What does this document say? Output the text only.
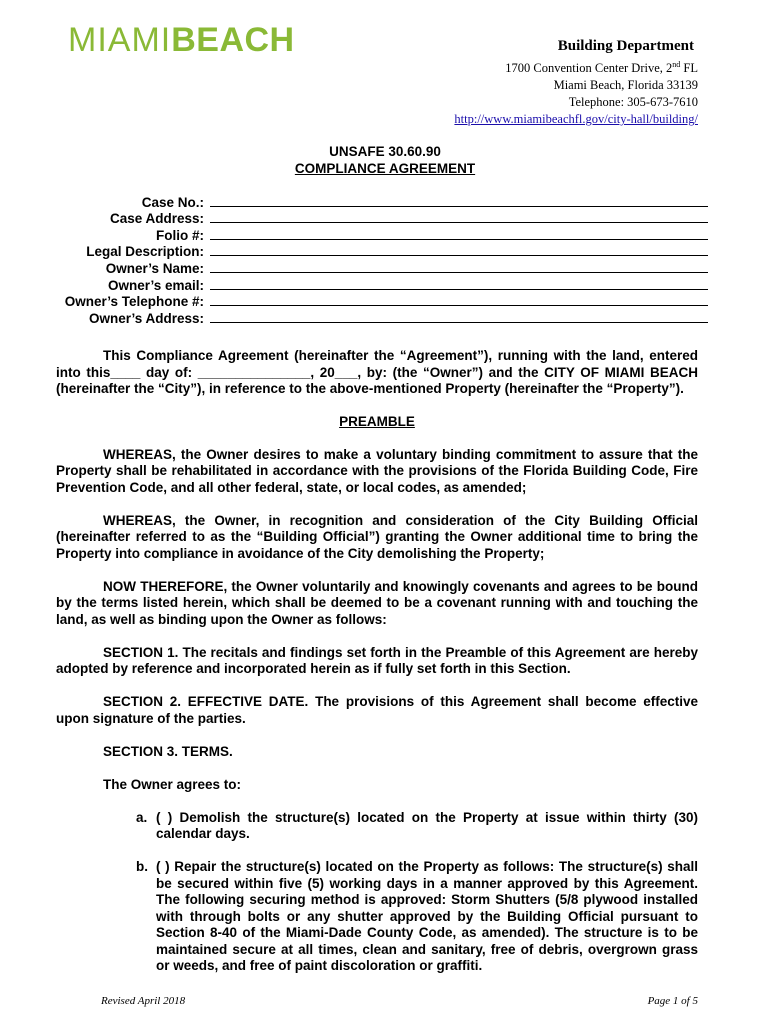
MIAMIBEACH	Building Department
1700 Convention Center Drive, 2nd FL
Miami Beach, Florida 33139
Telephone: 305-673-7610
http://www.miamibeachfl.gov/city-hall/building/
UNSAFE 30.60.90
COMPLIANCE AGREEMENT
Case No.:
Case Address:
Folio #:
Legal Description:
Owner’s Name:
Owner’s email:
Owner’s Telephone #:
Owner’s Address:

This Compliance Agreement (hereinafter the “Agreement”), running with the land, entered into this____ day of: _______________, 20___, by: (the “Owner”) and the CITY OF MIAMI BEACH (hereinafter the “City”), in reference to the above-mentioned Property (hereinafter the “Property”).

PREAMBLE

WHEREAS, the Owner desires to make a voluntary binding commitment to assure that the Property shall be rehabilitated in accordance with the provisions of the Florida Building Code, Fire Prevention Code, and all other federal, state, or local codes, as amended;

WHEREAS, the Owner, in recognition and consideration of the City Building Official (hereinafter referred to as the “Building Official”) granting the Owner additional time to bring the Property into compliance in avoidance of the City demolishing the Property;

NOW THEREFORE, the Owner voluntarily and knowingly covenants and agrees to be bound by the terms listed herein, which shall be deemed to be a covenant running with and touching the land, as well as binding upon the Owner as follows:

SECTION 1. The recitals and findings set forth in the Preamble of this Agreement are hereby adopted by reference and incorporated herein as if fully set forth in this Section.

SECTION 2. EFFECTIVE DATE. The provisions of this Agreement shall become effective upon signature of the parties.

SECTION 3. TERMS.

The Owner agrees to:

a. ( ) Demolish the structure(s) located on the Property at issue within thirty (30) calendar days.
b. ( ) Repair the structure(s) located on the Property as follows: The structure(s) shall be secured within five (5) working days in a manner approved by this Agreement. The following securing method is approved: Storm Shutters (5/8 plywood installed with through bolts or any shutter approved by the Building Official pursuant to Section 8-40 of the Miami-Dade County Code, as amended). The structure is to be maintained secure at all times, clean and sanitary, free of debris, overgrown grass or weeds, and free of paint discoloration or graffiti.
Revised April 2018	Page 1 of 5
